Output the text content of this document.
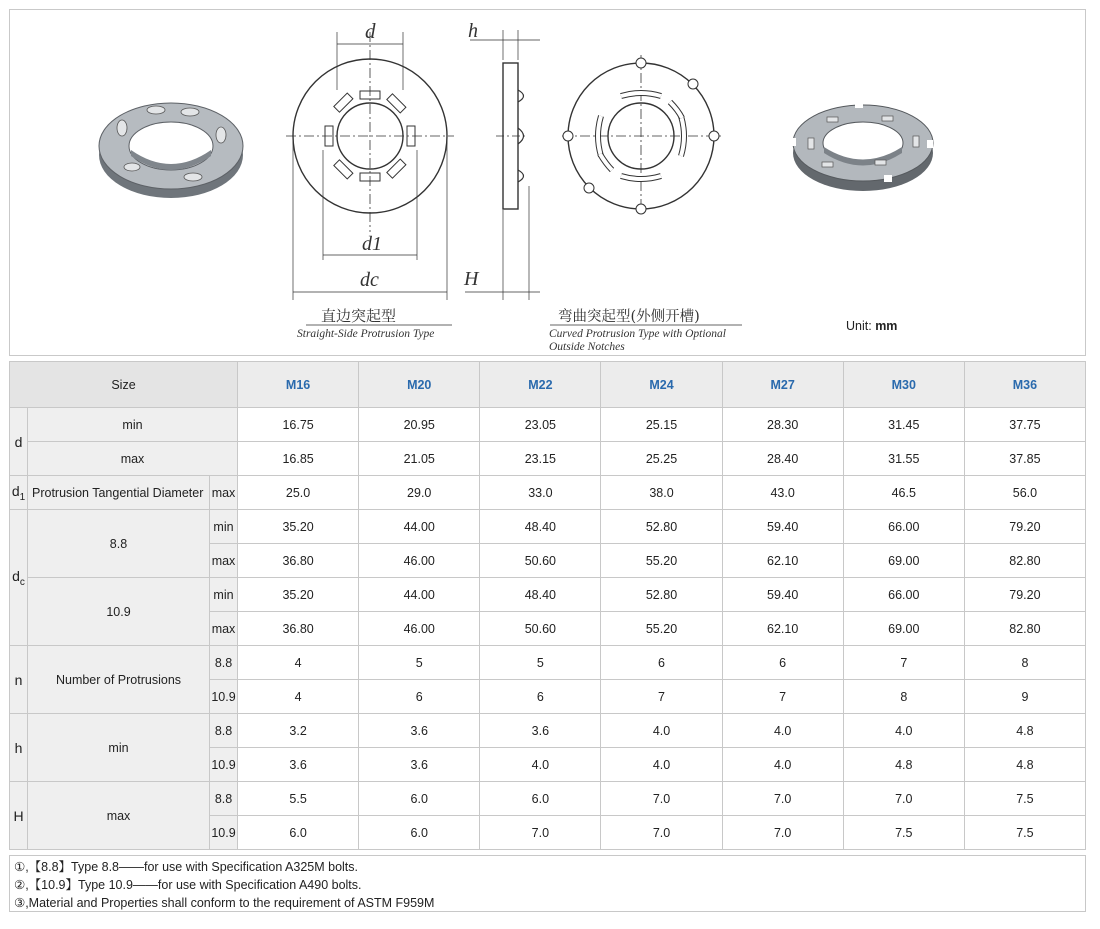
d
d1
dc
h
H
直边突起型
Straight-Side Protrusion Type
弯曲突起型(外侧开槽)
Curved Protrusion Type with Optional
Outside Notches
Unit: mm
Size			M16	M20	M22	M24	M27	M30	M36
d	min		16.75	20.95	23.05	25.15	28.30	31.45	37.75
	max		16.85	21.05	23.15	25.25	28.40	31.55	37.85
$d_1$	Protrusion Tangential Diameter	max	25.0	29.0	33.0	38.0	43.0	46.5	56.0
$d_c$	8.8	min	35.20	44.00	48.40	52.80	59.40	66.00	79.20
		max	36.80	46.00	50.60	55.20	62.10	69.00	82.80
	10.9	min	35.20	44.00	48.40	52.80	59.40	66.00	79.20
		max	36.80	46.00	50.60	55.20	62.10	69.00	82.80
n	Number of Protrusions	8.8	4	5	5	6	6	7	8
		10.9	4	6	6	7	7	8	9
h	min	8.8	3.2	3.6	3.6	4.0	4.0	4.0	4.8
		10.9	3.6	3.6	4.0	4.0	4.0	4.8	4.8
H	max	8.8	5.5	6.0	6.0	7.0	7.0	7.0	7.5
		10.9	6.0	6.0	7.0	7.0	7.0	7.5	7.5
①,【8.8】Type 8.8——for use with Specification A325M bolts.
②,【10.9】Type 10.9——for use with Specification A490 bolts.
③,Material and Properties shall conform to the requirement of ASTM F959M
